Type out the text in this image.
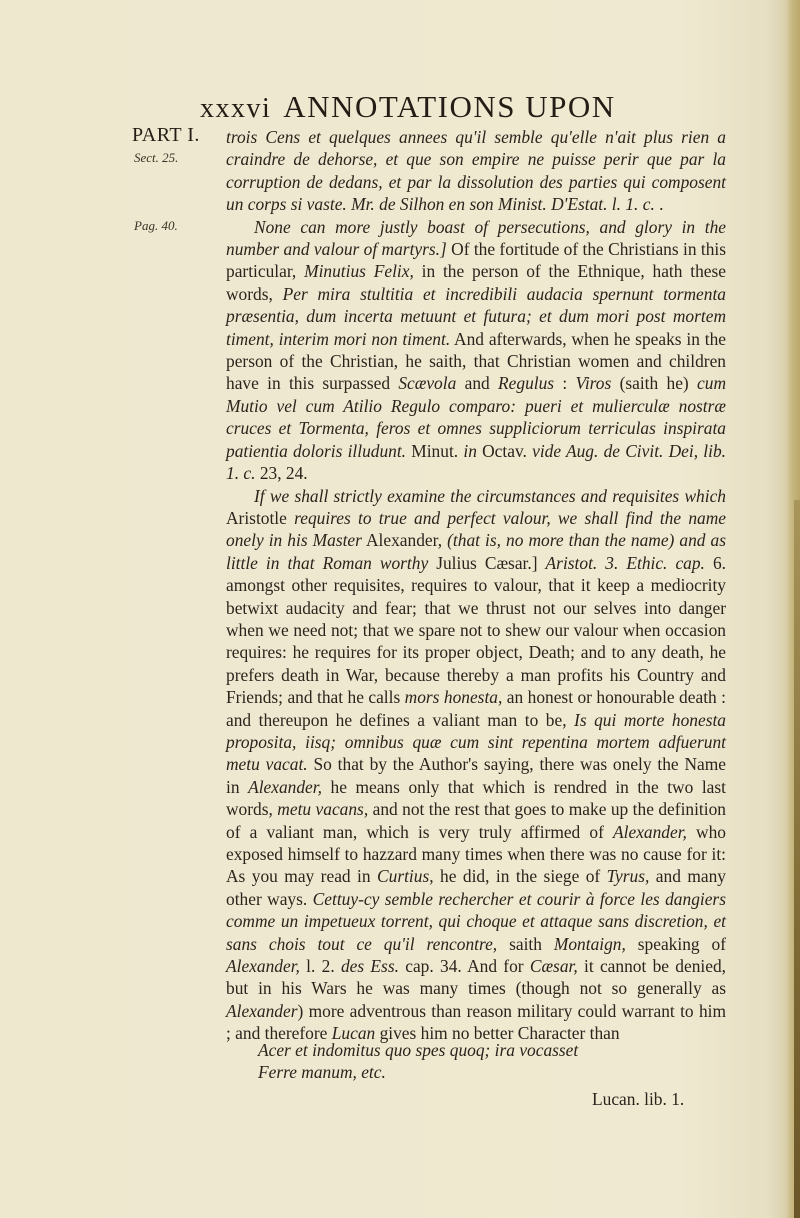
xxxvi ANNOTATIONS UPON
PART I.
Sect. 25.
Pag. 40.

trois Cens et quelques annees qu'il semble qu'elle n'ait plus rien a craindre de dehorse, et que son empire ne puisse perir que par la corruption de dedans, et par la dissolution des parties qui composent un corps si vaste. Mr. de Silhon en son Minist. D'Estat. l. 1. c. .

None can more justly boast of persecutions, and glory in the number and valour of martyrs.] Of the fortitude of the Christians in this particular, Minutius Felix, in the person of the Ethnique, hath these words, Per mira stultitia et incredibili audacia spernunt tormenta præsentia, dum incerta metuunt et futura; et dum mori post mortem timent, interim mori non timent. And afterwards, when he speaks in the person of the Christian, he saith, that Christian women and children have in this surpassed Scævola and Regulus : Viros (saith he) cum Mutio vel cum Atilio Regulo comparo: pueri et mulierculæ nostræ cruces et Tormenta, feros et omnes suppliciorum terriculas inspirata patientia doloris illudunt. Minut. in Octav. vide Aug. de Civit. Dei, lib. 1. c. 23, 24.

If we shall strictly examine the circumstances and requisites which Aristotle requires to true and perfect valour, we shall find the name onely in his Master Alexander, (that is, no more than the name) and as little in that Roman worthy Julius Cæsar.] Aristot. 3. Ethic. cap. 6. amongst other requisites, requires to valour, that it keep a mediocrity betwixt audacity and fear; that we thrust not our selves into danger when we need not; that we spare not to shew our valour when occasion requires: he requires for its proper object, Death; and to any death, he prefers death in War, because thereby a man profits his Country and Friends; and that he calls mors honesta, an honest or honourable death : and thereupon he defines a valiant man to be, Is qui morte honesta proposita, iisq; omnibus quæ cum sint repentina mortem adfuerunt metu vacat. So that by the Author's saying, there was onely the Name in Alexander, he means only that which is rendred in the two last words, metu vacans, and not the rest that goes to make up the definition of a valiant man, which is very truly affirmed of Alexander, who exposed himself to hazzard many times when there was no cause for it: As you may read in Curtius, he did, in the siege of Tyrus, and many other ways. Cettuy-cy semble rechercher et courir à force les dangiers comme un impetueux torrent, qui choque et attaque sans discretion, et sans chois tout ce qu'il rencontre, saith Montaign, speaking of Alexander, l. 2. des Ess. cap. 34. And for Cæsar, it cannot be denied, but in his Wars he was many times (though not so generally as Alexander) more adventrous than reason military could warrant to him ; and therefore Lucan gives him no better Character than

Acer et indomitus quo spes quoq; ira vocasset
Ferre manum, etc.
Lucan. lib. 1.
